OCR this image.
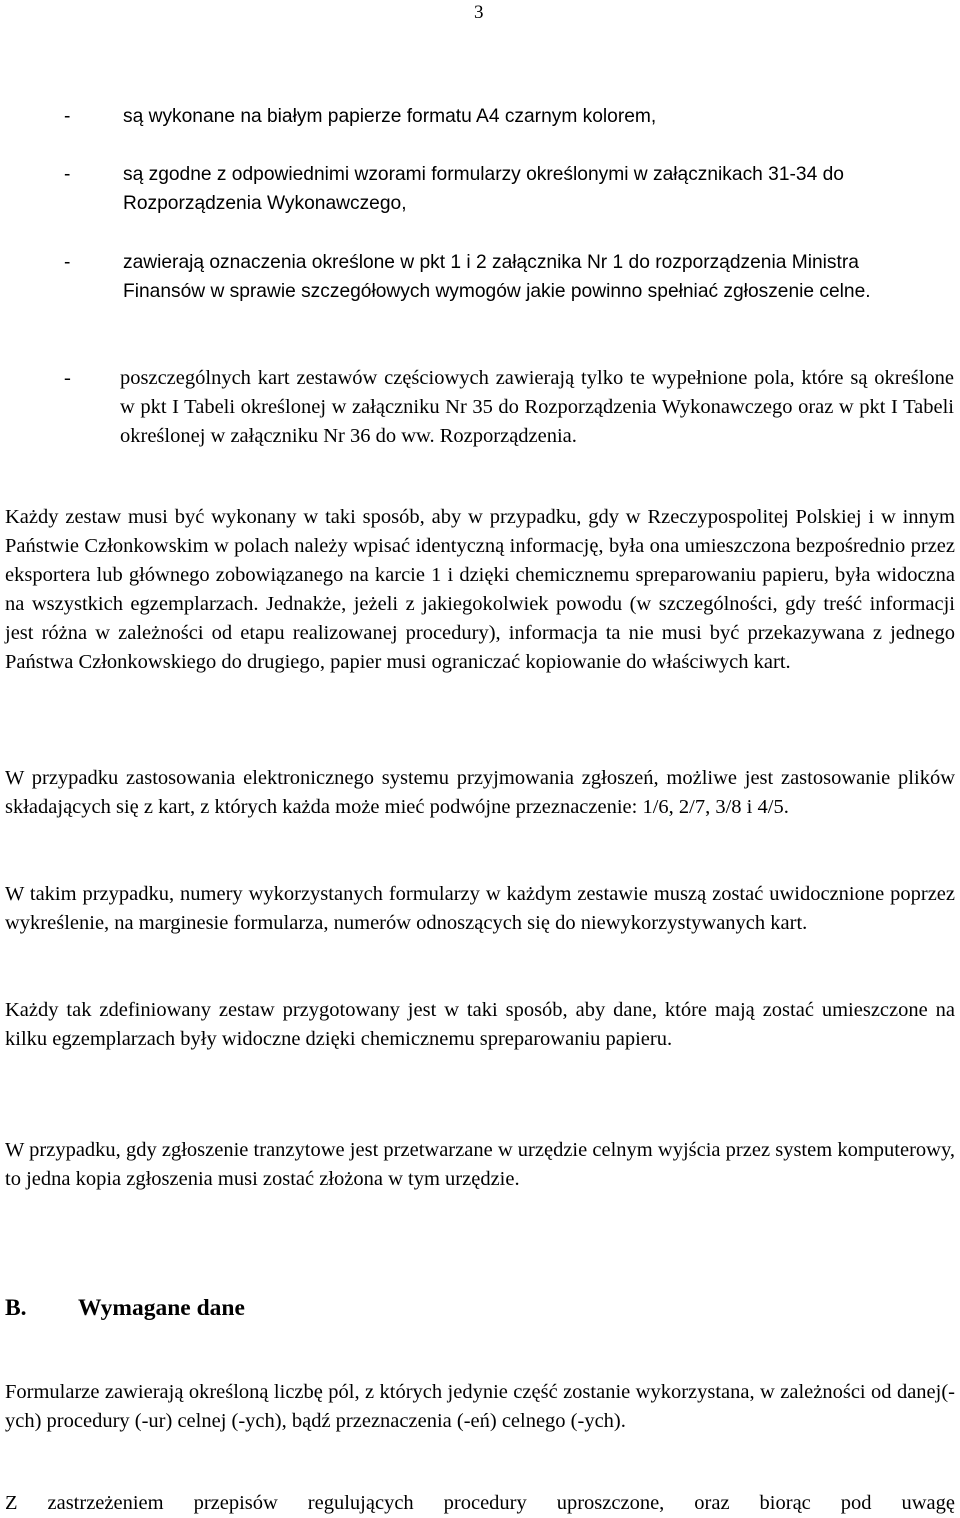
3
-	są wykonane na białym papierze formatu A4 czarnym kolorem,
-	są zgodne z odpowiednimi wzorami formularzy określonymi w załącznikach 31-34 do Rozporządzenia Wykonawczego,
-	zawierają oznaczenia określone w pkt 1 i 2 załącznika Nr 1 do rozporządzenia Ministra Finansów w sprawie szczegółowych wymogów jakie powinno spełniać zgłoszenie celne.
- poszczególnych kart zestawów częściowych zawierają tylko te wypełnione pola, które są określone w pkt I Tabeli określonej w załączniku Nr 35 do Rozporządzenia Wykonawczego oraz w pkt I Tabeli określonej w załączniku Nr 36 do ww. Rozporządzenia.
Każdy zestaw musi być wykonany w taki sposób, aby w przypadku, gdy w Rzeczypospolitej Polskiej i w innym Państwie Członkowskim w polach należy wpisać identyczną informację, była ona umieszczona bezpośrednio przez eksportera lub głównego zobowiązanego na karcie 1 i dzięki chemicznemu spreparowaniu papieru, była widoczna na wszystkich egzemplarzach. Jednakże, jeżeli z jakiegokolwiek powodu (w szczególności, gdy treść informacji jest różna w zależności od etapu realizowanej procedury), informacja ta nie musi być przekazywana z jednego Państwa Członkowskiego do drugiego, papier musi ograniczać kopiowanie do właściwych kart.
W przypadku zastosowania elektronicznego systemu przyjmowania zgłoszeń, możliwe jest zastosowanie plików składających się z kart, z których każda może mieć podwójne przeznaczenie: 1/6, 2/7, 3/8 i 4/5.
W takim przypadku, numery wykorzystanych formularzy w każdym zestawie muszą zostać uwidocznione poprzez wykreślenie, na marginesie formularza, numerów odnoszących się do niewykorzystywanych kart.
Każdy tak zdefiniowany zestaw przygotowany jest w taki sposób, aby dane, które mają zostać umieszczone na kilku egzemplarzach były widoczne dzięki chemicznemu spreparowaniu papieru.
W przypadku, gdy zgłoszenie tranzytowe jest przetwarzane w urzędzie celnym wyjścia przez system komputerowy, to jedna kopia zgłoszenia musi zostać złożona w tym urzędzie.
B. Wymagane dane
Formularze zawierają określoną liczbę pól, z których jedynie część zostanie wykorzystana, w zależności od danej(-ych) procedury (-ur) celnej (-ych), bądź przeznaczenia (-eń) celnego (-ych).
Z zastrzeżeniem przepisów regulujących procedury uproszczone, oraz biorąc pod uwagę
